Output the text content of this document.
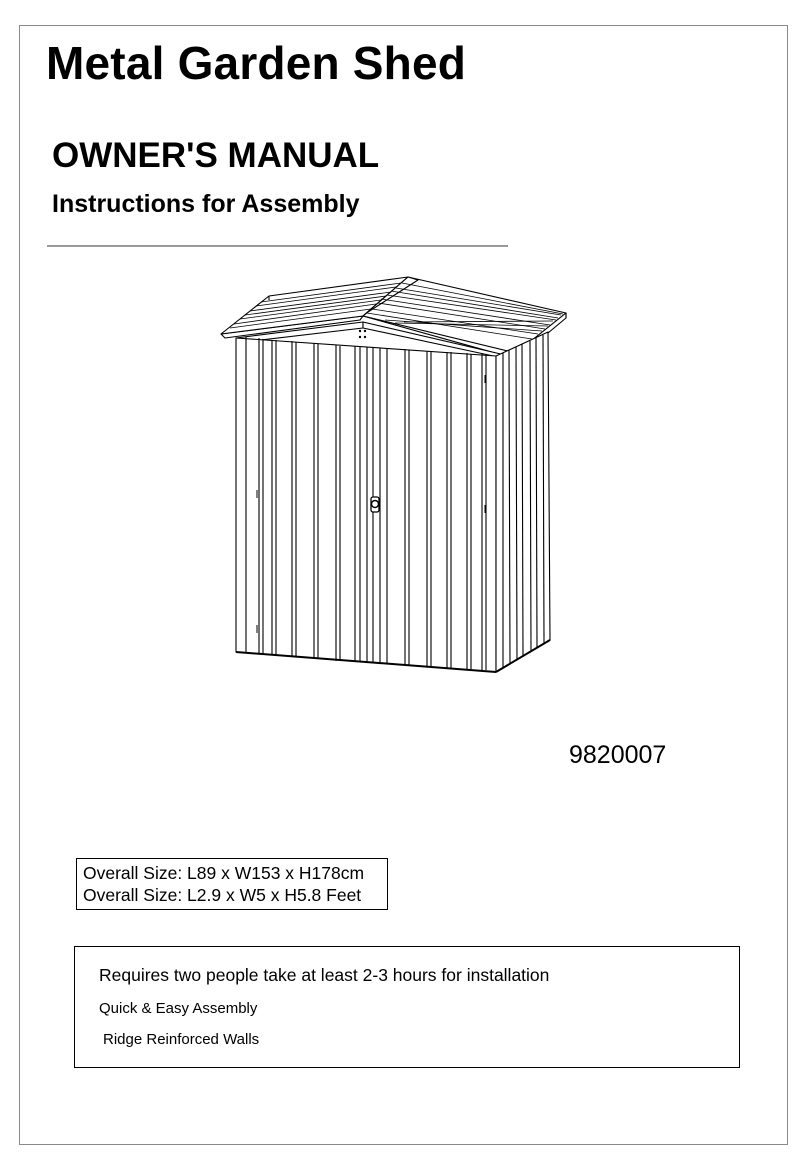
Metal Garden Shed
OWNER'S MANUAL
Instructions for Assembly
9820007
Overall Size: L89 x W153 x H178cm
Overall Size: L2.9 x W5 x H5.8 Feet
Requires two people take at least 2-3 hours for installation
Quick & Easy Assembly
Ridge Reinforced Walls
